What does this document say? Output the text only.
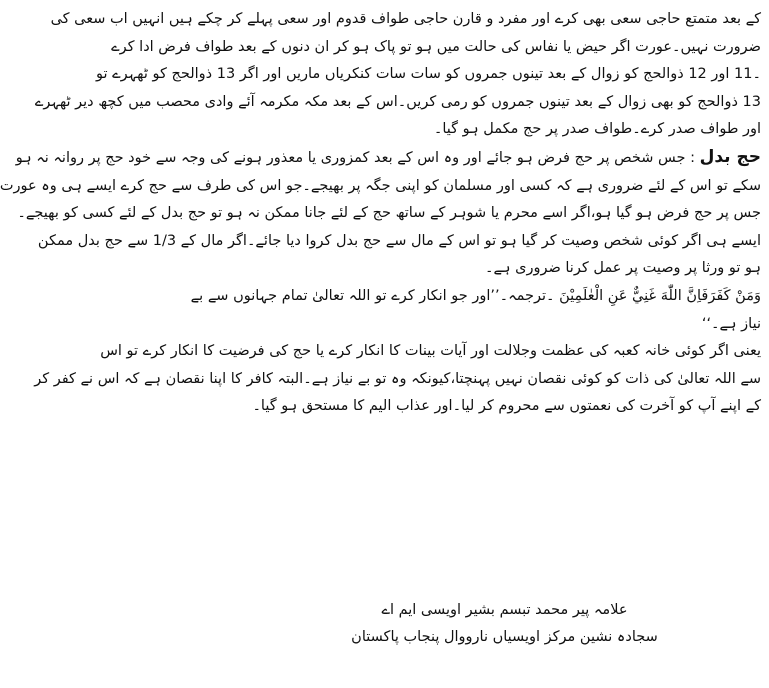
کے بعد متمتع حاجی سعی بھی کرے اور مفرد و قارن حاجی طواف قدوم اور سعی پہلے کر چکے ہیں انہیں اب سعی کی

ضرورت نہیں۔عورت اگر حیض یا نفاس کی حالت میں ہو تو پاک ہو کر ان دنوں کے بعد طواف فرض ادا کرے

۔11 اور 12 ذوالحج کو زوال کے بعد تینوں جمروں کو سات سات کنکریاں ماریں اور اگر 13 ذوالحج کو ٹھہرے تو

13 ذوالحج کو بھی زوال کے بعد تینوں جمروں کو رمی کریں۔اس کے بعد مکہ مکرمہ آئے وادی محصب میں کچھ دیر ٹھہرے

اور طواف صدر کرے۔طواف صدر پر حج مکمل ہو گیا۔

حج بدل : جس شخص پر حج فرض ہو جائے اور وہ اس کے بعد کمزوری یا معذور ہونے کی وجہ سے خود حج پر روانہ نہ ہو

سکے تو اس کے لئے ضروری ہے کہ کسی اور مسلمان کو اپنی جگہ پر بھیجے۔جو اس کی طرف سے حج کرے ایسے ہی وہ عورت

جس پر حج فرض ہو گیا ہو،اگر اسے محرم یا شوہر کے ساتھ حج کے لئے جانا ممکن نہ ہو تو حج بدل کے لئے کسی کو بھیجے۔

ایسے ہی اگر کوئی شخص وصیت کر گیا ہو تو اس کے مال سے حج بدل کروا دیا جائے۔اگر مال کے 1/3 سے حج بدل ممکن

ہو تو ورثا پر وصیت پر عمل کرنا ضروری ہے۔

وَمَنْ كَفَرَفَاِنَّ اللّٰهَ غَنِيٌّ عَنِ الْعٰلَمِيْنَ ۔ترجمہ۔’’اور جو انکار کرے تو اللہ تعالیٰ تمام جہانوں سے بے

نیاز ہے۔‘‘

یعنی اگر کوئی خانہ کعبہ کی عظمت وجلالت اور آیات بینات کا انکار کرے یا حج کی فرضیت کا انکار کرے تو اس

سے اللہ تعالیٰ کی ذات کو کوئی نقصان نہیں پہنچتا،کیونکہ وہ تو بے نیاز ہے۔البتہ کافر کا اپنا نقصان ہے کہ اس نے کفر کر

کے اپنے آپ کو آخرت کی نعمتوں سے محروم کر لیا۔اور عذاب الیم کا مستحق ہو گیا۔

علامہ پیر محمد تبسم بشیر اویسی ایم اے

سجادہ نشین مرکز اویسیاں نارووال پنجاب پاکستان
